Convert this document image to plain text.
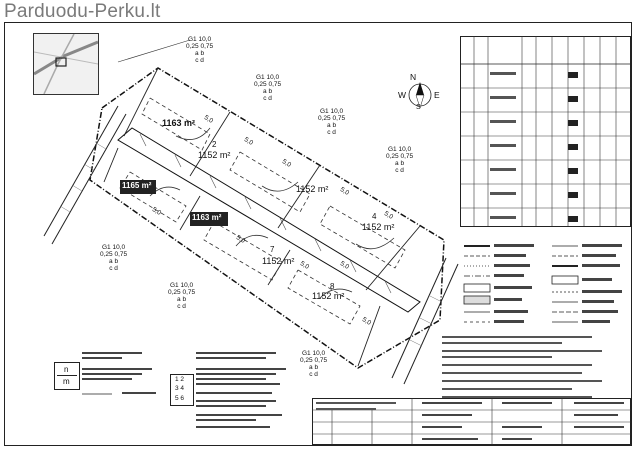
Parduodu-Perku.lt
N
W	E
S
1163 m²
2
1152 m²
1152 m²
4
1152 m²
1165 m²
1163 m²
7
1152 m²
8
1152 m²
G1 10,0
0,25 0,75
a b
c d
G1 10,0
0,25 0,75
a b
c d
G1 10,0
0,25 0,75
a b
c d
G1 10,0
0,25 0,75
a b
c d
G1 10,0
0,25 0,75
a b
c d
G1 10,0
0,25 0,75
a b
c d
G1 10,0
0,25 0,75
a b
c d
5,0
5,0
5,0
5,0
5,0
5,0
5,0
5,0	5,0
5,0
n
m	1 2
3 4
5 6
